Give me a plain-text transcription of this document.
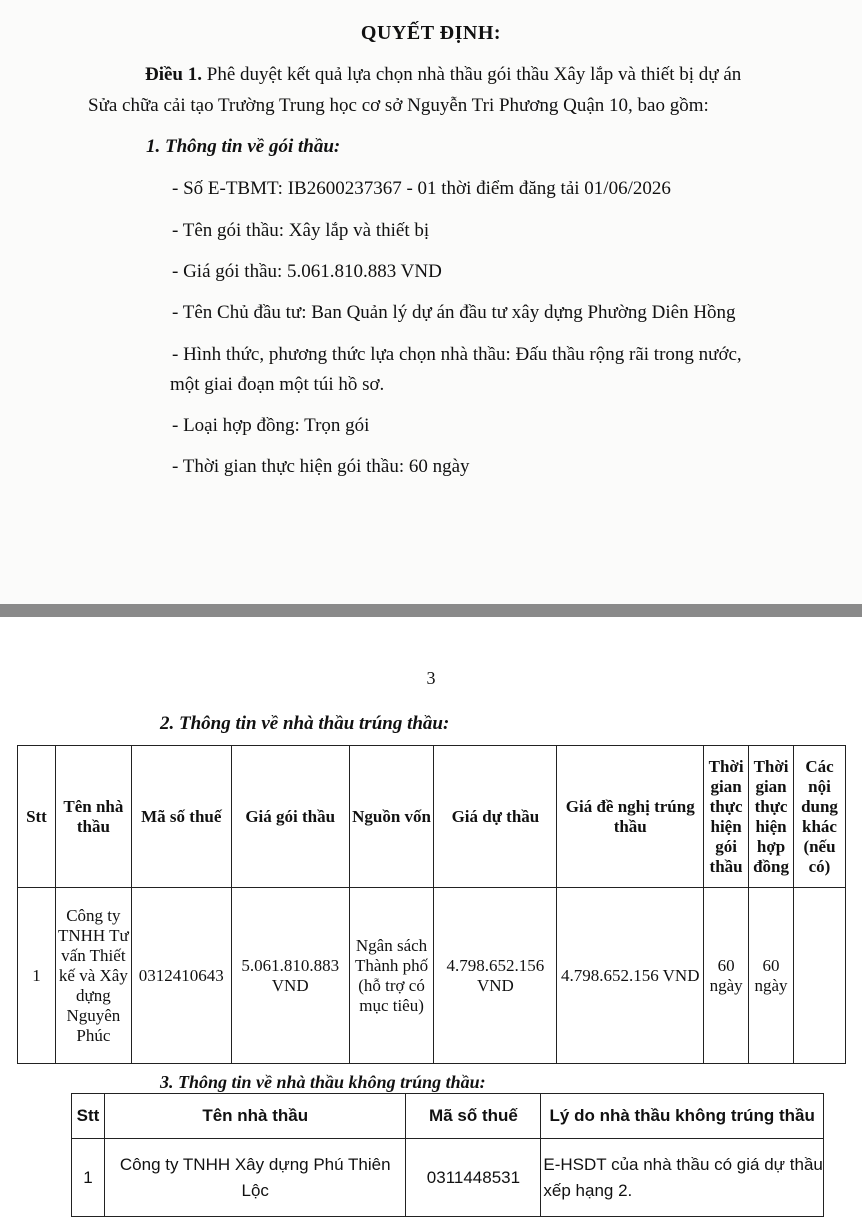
QUYẾT ĐỊNH:
Điều 1. Phê duyệt kết quả lựa chọn nhà thầu gói thầu Xây lắp và thiết bị dự án
Sửa chữa cải tạo Trường Trung học cơ sở Nguyễn Tri Phương Quận 10, bao gồm:
1. Thông tin về gói thầu:
- Số E-TBMT: IB2600237367 - 01 thời điểm đăng tải 01/06/2026
- Tên gói thầu: Xây lắp và thiết bị
- Giá gói thầu: 5.061.810.883 VND
- Tên Chủ đầu tư: Ban Quản lý dự án đầu tư xây dựng Phường Diên Hồng
- Hình thức, phương thức lựa chọn nhà thầu: Đấu thầu rộng rãi trong nước,
một giai đoạn một túi hồ sơ.
- Loại hợp đồng: Trọn gói
- Thời gian thực hiện gói thầu: 60 ngày
3
2. Thông tin về nhà thầu trúng thầu:
Stt	Tên nhà thầu	Mã số thuế	Giá gói thầu	Nguồn vốn	Giá dự thầu	Giá đề nghị trúng thầu	Thời gian thực hiện gói thầu	Thời gian thực hiện hợp đồng	Các nội dung khác (nếu có)
1	Công ty TNHH Tư vấn Thiết kế và Xây dựng Nguyên Phúc	0312410643	5.061.810.883 VND	Ngân sách Thành phố (hỗ trợ có mục tiêu)	4.798.652.156 VND	4.798.652.156 VND	60 ngày	60 ngày	
3. Thông tin về nhà thầu không trúng thầu:
Stt	Tên nhà thầu	Mã số thuế	Lý do nhà thầu không trúng thầu
1	Công ty TNHH Xây dựng Phú Thiên Lộc	0311448531	E-HSDT của nhà thầu có giá dự thầu xếp hạng 2.
